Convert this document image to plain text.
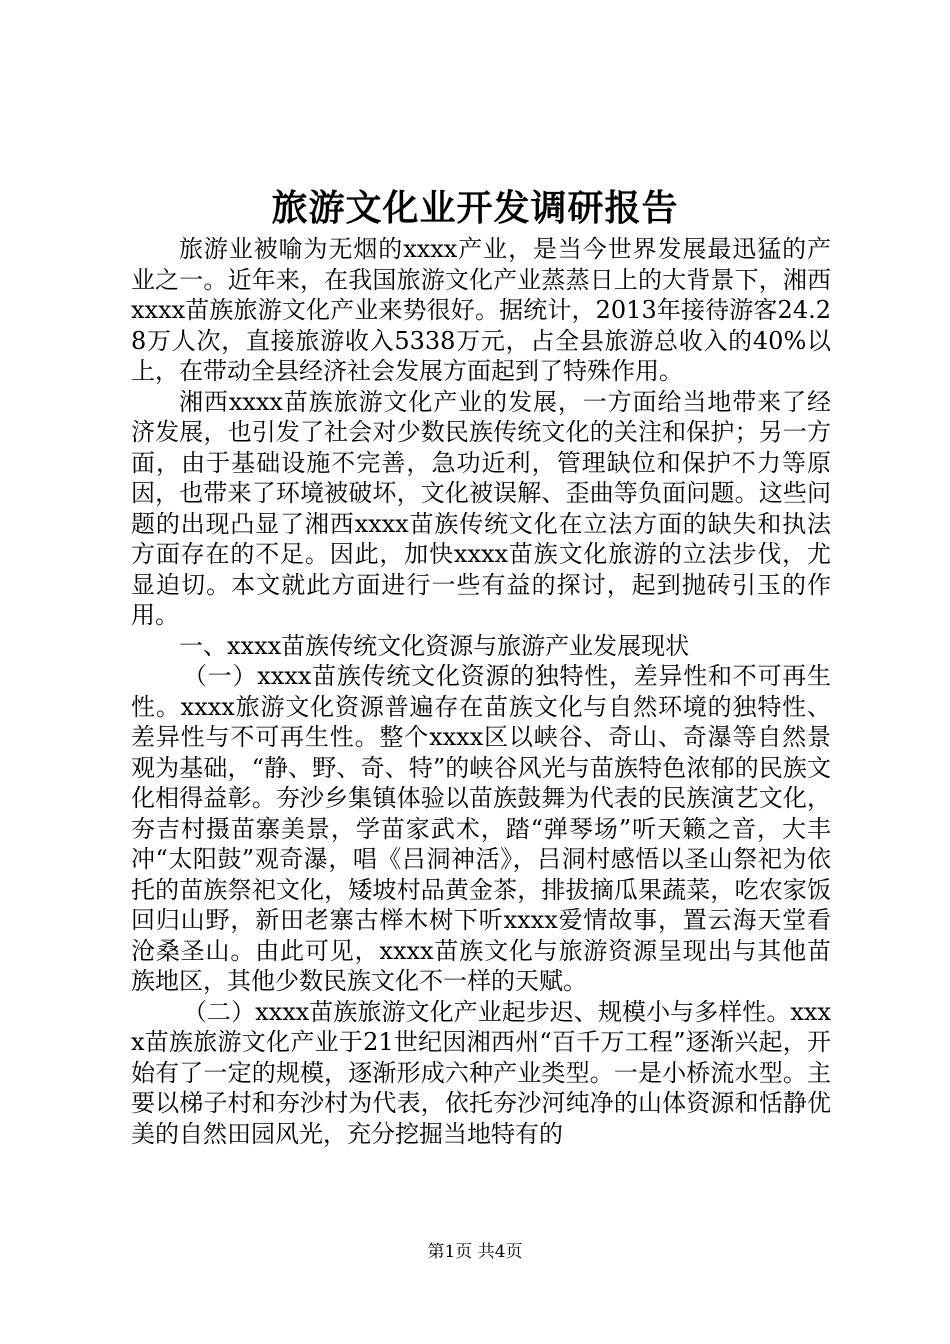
旅游文化业开发调研报告

旅游业被喻为无烟的xxxx产业，是当今世界发展最迅猛的产业之一。近年来，在我国旅游文化产业蒸蒸日上的大背景下，湘西xxxx苗族旅游文化产业来势很好。据统计，2013年接待游客24.28万人次，直接旅游收入5338万元，占全县旅游总收入的40%以上，在带动全县经济社会发展方面起到了特殊作用。

湘西xxxx苗族旅游文化产业的发展，一方面给当地带来了经济发展，也引发了社会对少数民族传统文化的关注和保护；另一方面，由于基础设施不完善，急功近利，管理缺位和保护不力等原因，也带来了环境被破坏，文化被误解、歪曲等负面问题。这些问题的出现凸显了湘西xxxx苗族传统文化在立法方面的缺失和执法方面存在的不足。因此，加快xxxx苗族文化旅游的立法步伐，尤显迫切。本文就此方面进行一些有益的探讨，起到抛砖引玉的作用。

一、xxxx苗族传统文化资源与旅游产业发展现状

（一）xxxx苗族传统文化资源的独特性，差异性和不可再生性。xxxx旅游文化资源普遍存在苗族文化与自然环境的独特性、差异性与不可再生性。整个xxxx区以峡谷、奇山、奇瀑等自然景观为基础，“静、野、奇、特”的峡谷风光与苗族特色浓郁的民族文化相得益彰。夯沙乡集镇体验以苗族鼓舞为代表的民族演艺文化，夯吉村摄苗寨美景，学苗家武术，踏“弹琴场”听天籁之音，大丰冲“太阳鼓”观奇瀑，唱《吕洞神活》，吕洞村感悟以圣山祭祀为依托的苗族祭祀文化，矮坡村品黄金茶，排拔摘瓜果蔬菜，吃农家饭回归山野，新田老寨古榉木树下听xxxx爱情故事，置云海天堂看沧桑圣山。由此可见，xxxx苗族文化与旅游资源呈现出与其他苗族地区，其他少数民族文化不一样的天赋。

（二）xxxx苗族旅游文化产业起步迟、规模小与多样性。xxxx苗族旅游文化产业于21世纪因湘西州“百千万工程”逐渐兴起，开始有了一定的规模，逐渐形成六种产业类型。一是小桥流水型。主要以梯子村和夯沙村为代表，依托夯沙河纯净的山体资源和恬静优美的自然田园风光，充分挖掘当地特有的

第1页 共4页
